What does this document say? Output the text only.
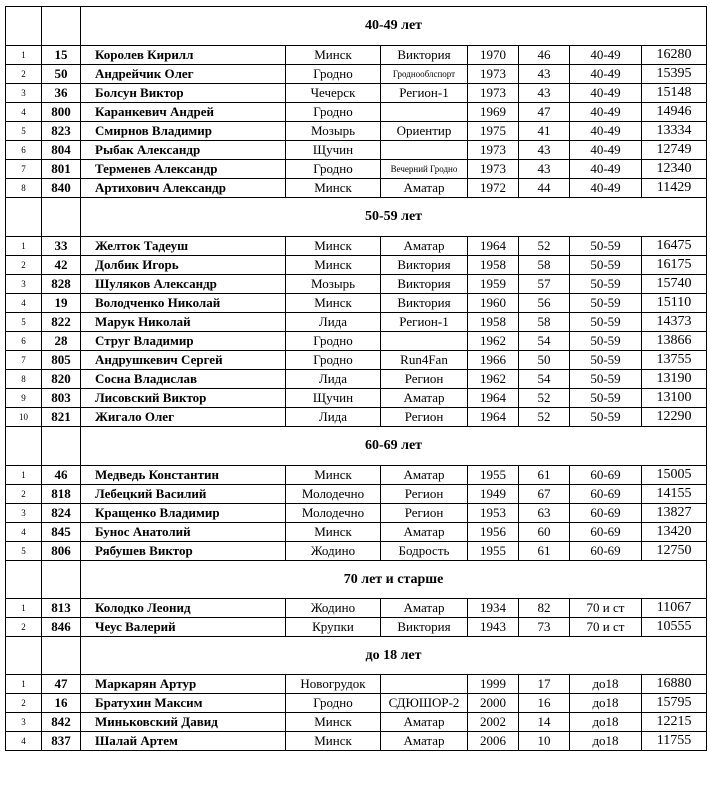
		40-49 лет						
1	15	Королев Кирилл	Минск	Виктория	1970	46	40-49	16280
2	50	Андрейчик Олег	Гродно	Гроднооблспорт	1973	43	40-49	15395
3	36	Болсун Виктор	Чечерск	Регион-1	1973	43	40-49	15148
4	800	Каранкевич Андрей	Гродно		1969	47	40-49	14946
5	823	Смирнов Владимир	Мозырь	Ориентир	1975	41	40-49	13334
6	804	Рыбак Александр	Щучин		1973	43	40-49	12749
7	801	Терменев Александр	Гродно	Вечерний Гродно	1973	43	40-49	12340
8	840	Артихович Александр	Минск	Аматар	1972	44	40-49	11429
		50-59 лет						
1	33	Желток Тадеуш	Минск	Аматар	1964	52	50-59	16475
2	42	Долбик Игорь	Минск	Виктория	1958	58	50-59	16175
3	828	Шуляков Александр	Мозырь	Виктория	1959	57	50-59	15740
4	19	Володченко Николай	Минск	Виктория	1960	56	50-59	15110
5	822	Марук Николай	Лида	Регион-1	1958	58	50-59	14373
6	28	Струг Владимир	Гродно		1962	54	50-59	13866
7	805	Андрушкевич Сергей	Гродно	Run4Fan	1966	50	50-59	13755
8	820	Сосна Владислав	Лида	Регион	1962	54	50-59	13190
9	803	Лисовский Виктор	Щучин	Аматар	1964	52	50-59	13100
10	821	Жигало Олег	Лида	Регион	1964	52	50-59	12290
		60-69 лет						
1	46	Медведь Константин	Минск	Аматар	1955	61	60-69	15005
2	818	Лебецкий Василий	Молодечно	Регион	1949	67	60-69	14155
3	824	Кращенко Владимир	Молодечно	Регион	1953	63	60-69	13827
4	845	Бунос Анатолий	Минск	Аматар	1956	60	60-69	13420
5	806	Рябушев Виктор	Жодино	Бодрость	1955	61	60-69	12750
		70 лет и старше						
1	813	Колодко Леонид	Жодино	Аматар	1934	82	70 и ст	11067
2	846	Чеус Валерий	Крупки	Виктория	1943	73	70 и ст	10555
		до 18 лет						
1	47	Маркарян Артур	Новогрудок		1999	17	до18	16880
2	16	Братухин Максим	Гродно	СДЮШОР-2	2000	16	до18	15795
3	842	Миньковский Давид	Минск	Аматар	2002	14	до18	12215
4	837	Шалай Артем	Минск	Аматар	2006	10	до18	11755
